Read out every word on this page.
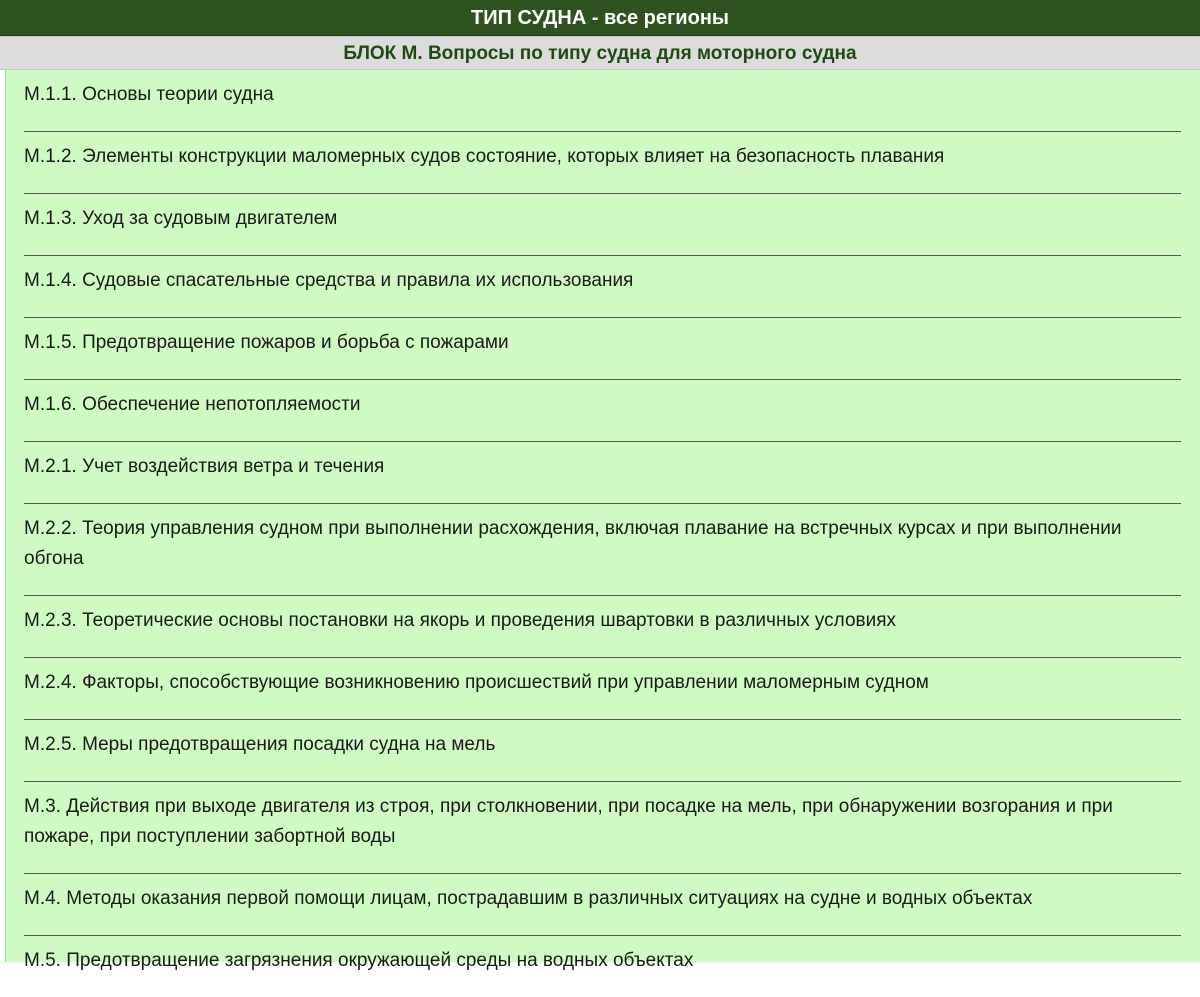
ТИП СУДНА - все регионы
БЛОК М. Вопросы по типу судна для моторного судна
М.1.1. Основы теории судна
М.1.2. Элементы конструкции маломерных судов состояние, которых влияет на безопасность плавания
М.1.3. Уход за судовым двигателем
М.1.4. Судовые спасательные средства и правила их использования
М.1.5. Предотвращение пожаров и борьба с пожарами
М.1.6. Обеспечение непотопляемости
М.2.1. Учет воздействия ветра и течения
М.2.2. Теория управления судном при выполнении расхождения, включая плавание на встречных курсах и при выполнении обгона
М.2.3. Теоретические основы постановки на якорь и проведения швартовки в различных условиях
М.2.4. Факторы, способствующие возникновению происшествий при управлении маломерным судном
М.2.5. Меры предотвращения посадки судна на мель
М.3. Действия при выходе двигателя из строя, при столкновении, при посадке на мель, при обнаружении возгорания и при пожаре, при поступлении забортной воды
М.4. Методы оказания первой помощи лицам, пострадавшим в различных ситуациях на судне и водных объектах
М.5. Предотвращение загрязнения окружающей среды на водных объектах
